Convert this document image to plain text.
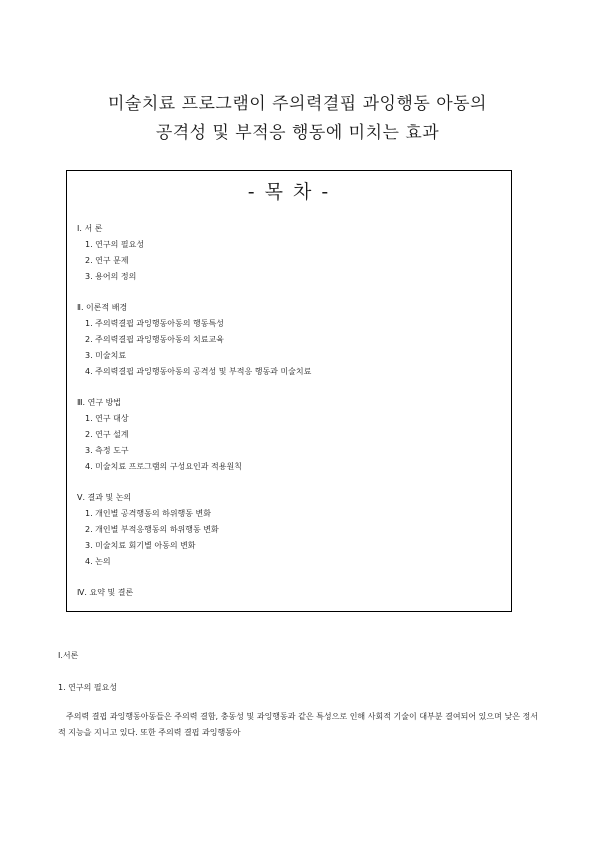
미술치료 프로그램이 주의력결핍 과잉행동 아동의
공격성 및 부적응 행동에 미치는 효과
- 목 차 -
Ⅰ. 서 론
1. 연구의 필요성
2. 연구 문제
3. 용어의 정의
Ⅱ. 이론적 배경
1. 주의력결핍 과잉행동아동의 행동특성
2. 주의력결핍 과잉행동아동의 치료교육
3. 미술치료
4. 주의력결핍 과잉행동아동의 공격성 및 부적응 행동과 미술치료
Ⅲ. 연구 방법
1. 연구 대상
2. 연구 설계
3. 측정 도구
4. 미술치료 프로그램의 구성요인과 적용원칙
Ⅴ. 결과 및 논의
1. 개인별 공격행동의 하위행동 변화
2. 개인별 부적응행동의 하위행동 변화
3. 미술치료 회기별 아동의 변화
4. 논의
Ⅳ. 요약 및 결론
Ⅰ.서론
1. 연구의 필요성

주의력 결핍 과잉행동아동들은 주의력 결함, 충동성 및 과잉행동과 같은 특성으로 인해 사회적 기술이 대부분 결여되어 있으며 낮은 정서적 지능을 지니고 있다. 또한 주의력 결핍 과잉행동아
